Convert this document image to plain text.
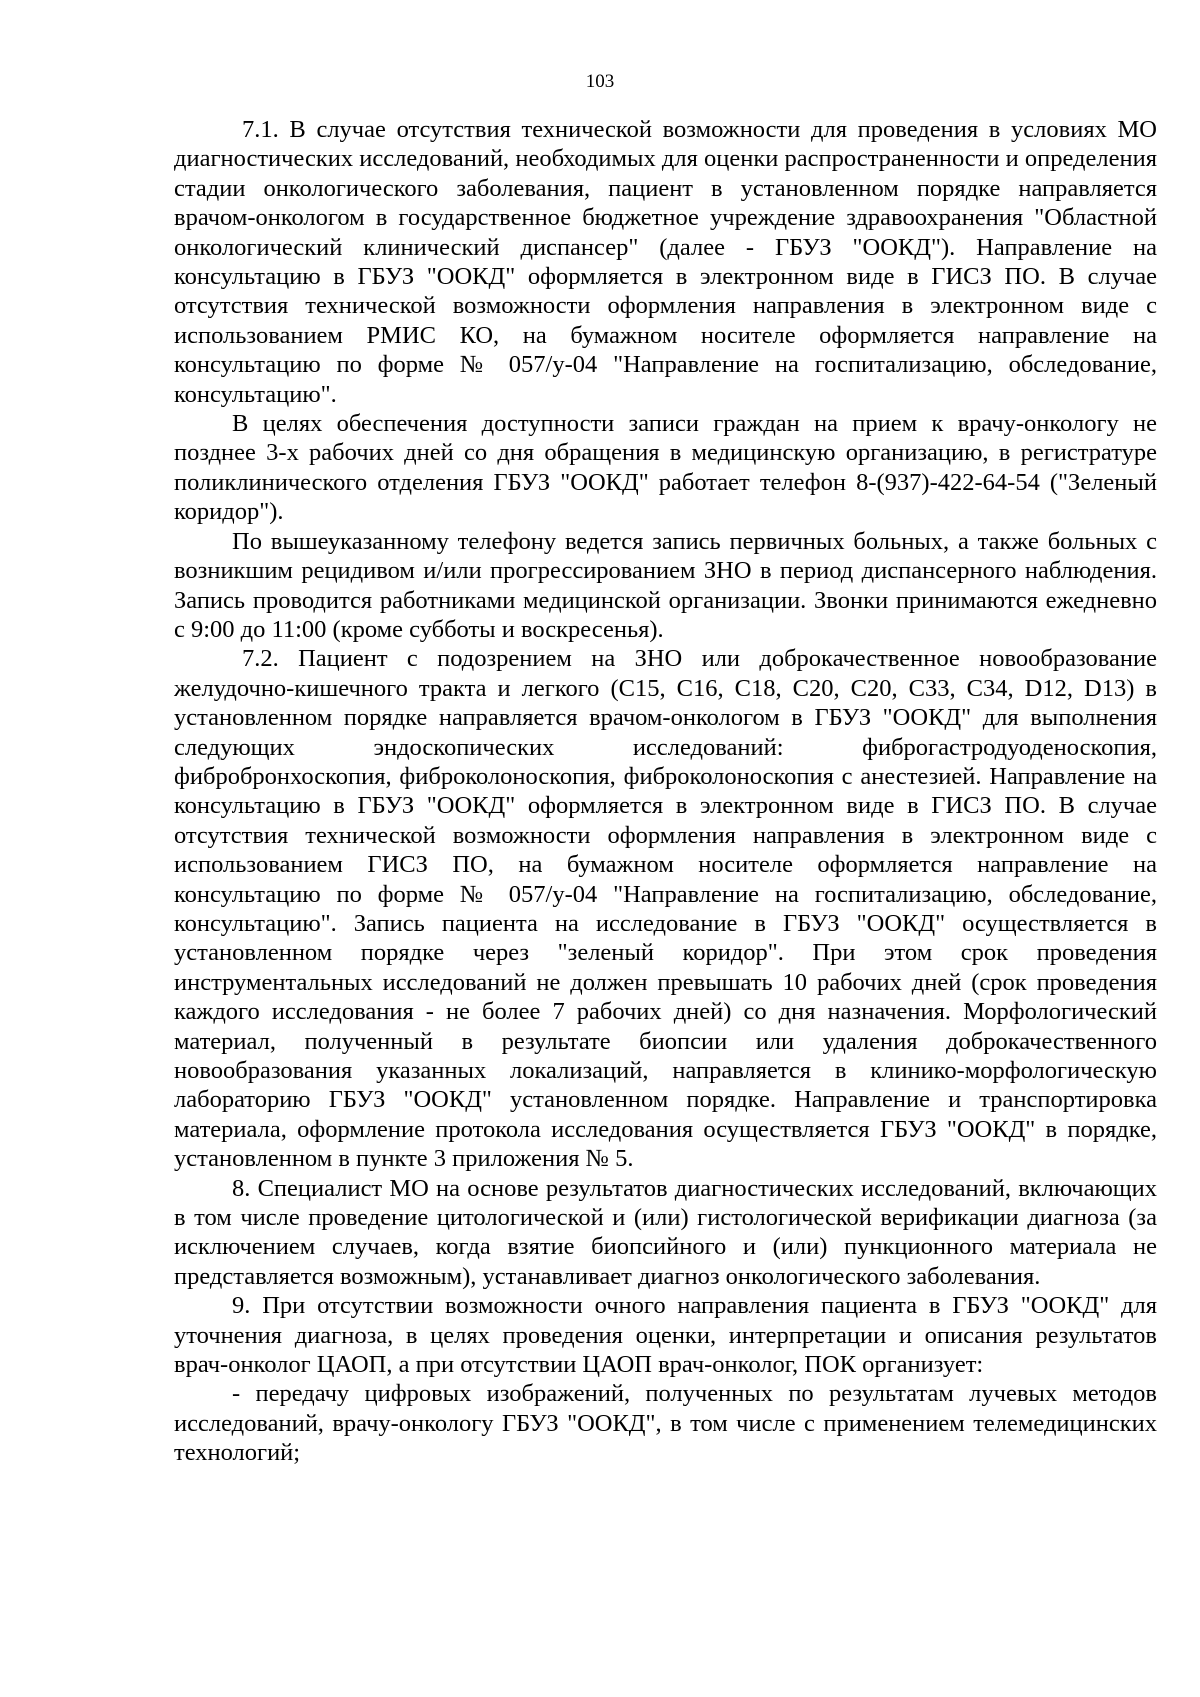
103

7.1. В случае отсутствия технической возможности для проведения в условиях МО диагностических исследований, необходимых для оценки распространенности и определения стадии онкологического заболевания, пациент в установленном порядке направляется врачом-онкологом в государственное бюджетное учреждение здравоохранения "Областной онкологический клинический диспансер" (далее - ГБУЗ "ООКД"). Направление на консультацию в ГБУЗ "ООКД" оформляется в электронном виде в ГИСЗ ПО. В случае отсутствия технической возможности оформления направления в электронном виде с использованием РМИС КО, на бумажном носителе оформляется направление на консультацию по форме № 057/у-04 "Направление на госпитализацию, обследование, консультацию".

В целях обеспечения доступности записи граждан на прием к врачу-онкологу не позднее 3-х рабочих дней со дня обращения в медицинскую организацию, в регистратуре поликлинического отделения ГБУЗ "ООКД" работает телефон 8-(937)-422-64-54 ("Зеленый коридор").

По вышеуказанному телефону ведется запись первичных больных, а также больных с возникшим рецидивом и/или прогрессированием ЗНО в период диспансерного наблюдения. Запись проводится работниками медицинской организации. Звонки принимаются ежедневно с 9:00 до 11:00 (кроме субботы и воскресенья).

7.2. Пациент с подозрением на ЗНО или доброкачественное новообразование желудочно-кишечного тракта и легкого (С15, С16, С18, С20, С20, С33, С34, D12, D13) в установленном порядке направляется врачом-онкологом в ГБУЗ "ООКД" для выполнения следующих эндоскопических исследований: фиброгастродуоденоскопия, фибробронхоскопия, фиброколоноскопия, фиброколоноскопия с анестезией. Направление на консультацию в ГБУЗ "ООКД" оформляется в электронном виде в ГИСЗ ПО. В случае отсутствия технической возможности оформления направления в электронном виде с использованием ГИСЗ ПО, на бумажном носителе оформляется направление на консультацию по форме № 057/у-04 "Направление на госпитализацию, обследование, консультацию". Запись пациента на исследование в ГБУЗ "ООКД" осуществляется в установленном порядке через "зеленый коридор". При этом срок проведения инструментальных исследований не должен превышать 10 рабочих дней (срок проведения каждого исследования - не более 7 рабочих дней) со дня назначения. Морфологический материал, полученный в результате биопсии или удаления доброкачественного новообразования указанных локализаций, направляется в клинико-морфологическую лабораторию ГБУЗ "ООКД" установленном порядке. Направление и транспортировка материала, оформление протокола исследования осуществляется ГБУЗ "ООКД" в порядке, установленном в пункте 3 приложения № 5.

8. Специалист МО на основе результатов диагностических исследований, включающих в том числе проведение цитологической и (или) гистологической верификации диагноза (за исключением случаев, когда взятие биопсийного и (или) пункционного материала не представляется возможным), устанавливает диагноз онкологического заболевания.

9. При отсутствии возможности очного направления пациента в ГБУЗ "ООКД" для уточнения диагноза, в целях проведения оценки, интерпретации и описания результатов врач-онколог ЦАОП, а при отсутствии ЦАОП врач-онколог, ПОК организует:

- передачу цифровых изображений, полученных по результатам лучевых методов исследований, врачу-онкологу ГБУЗ "ООКД", в том числе с применением телемедицинских технологий;
